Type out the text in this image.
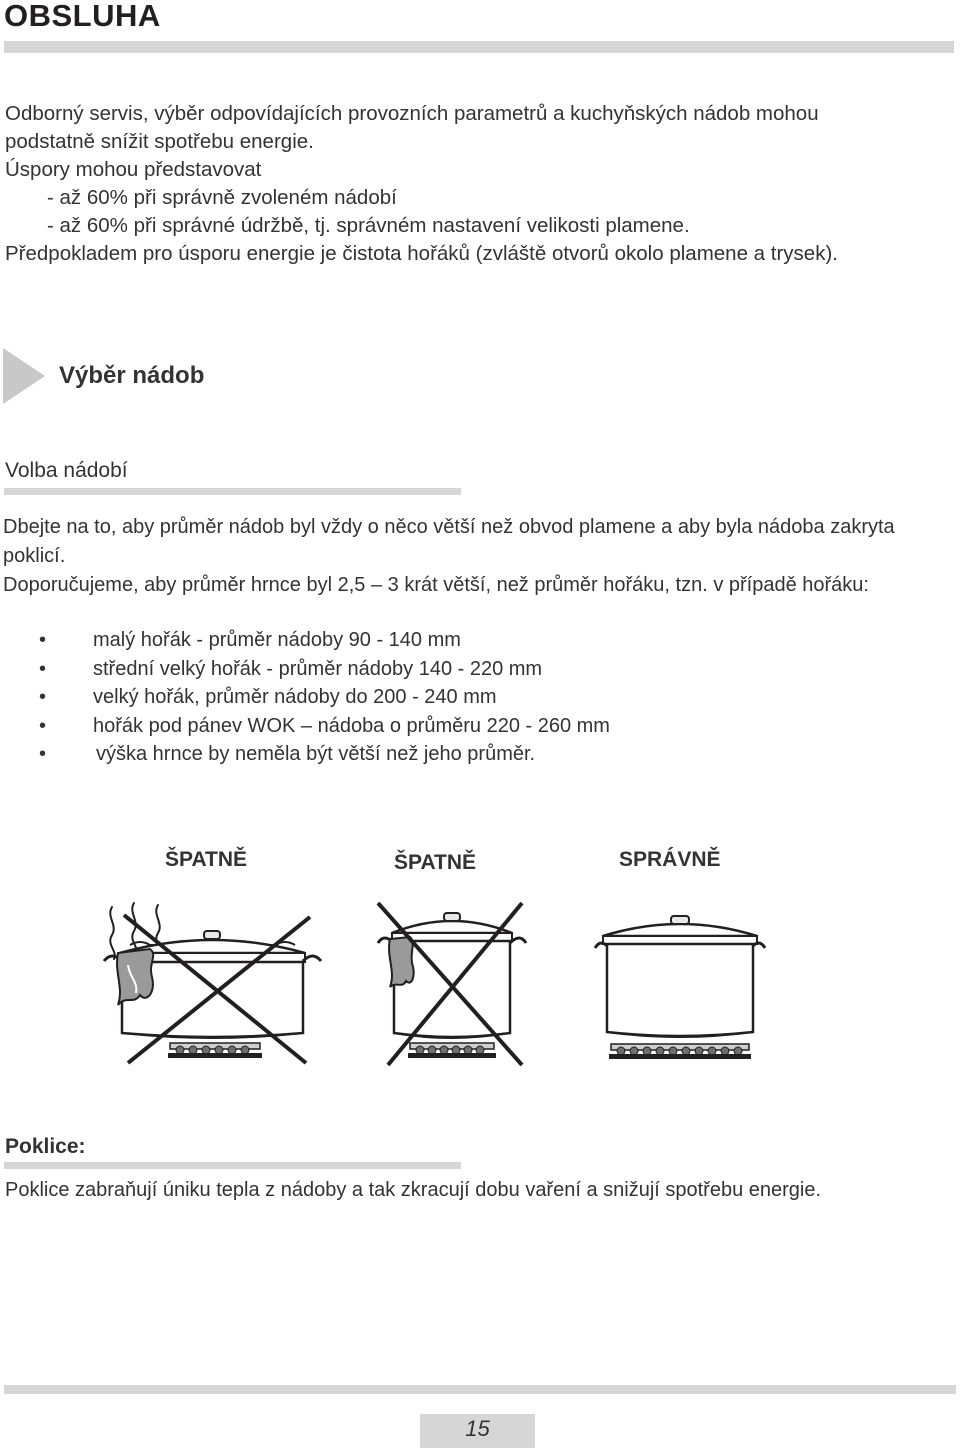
OBSLUHA

Odborný servis, výběr odpovídajících provozních parametrů a kuchyňských nádob mohou

podstatně snížit spotřebu energie.

Úspory mohou představovat

- až 60% při správně zvoleném nádobí

- až 60% při správné údržbě, tj. správném nastavení velikosti plamene.

Předpokladem pro úsporu energie je čistota hořáků (zvláště otvorů okolo plamene a trysek).

Výběr nádob
Volba nádobí

Dbejte na to, aby průměr nádob byl vždy o něco větší než obvod plamene a aby byla nádoba zakryta poklicí.

Doporučujeme, aby průměr hrnce byl 2,5 – 3 krát větší, než průměr hořáku, tzn. v případě hořáku:

•	malý hořák - průměr nádoby 90 - 140 mm
•	střední velký hořák - průměr nádoby 140 - 220 mm
•	velký hořák, průměr nádoby do 200 - 240 mm
•	hořák pod pánev WOK – nádoba o průměru 220 - 260 mm
•	výška hrnce by neměla být větší než jeho průměr.
ŠPATNĚ	ŠPATNĚ	SPRÁVNĚ
Poklice:

Poklice zabraňují úniku tepla z nádoby a tak zkracují dobu vaření a snižují spotřebu energie.

15
